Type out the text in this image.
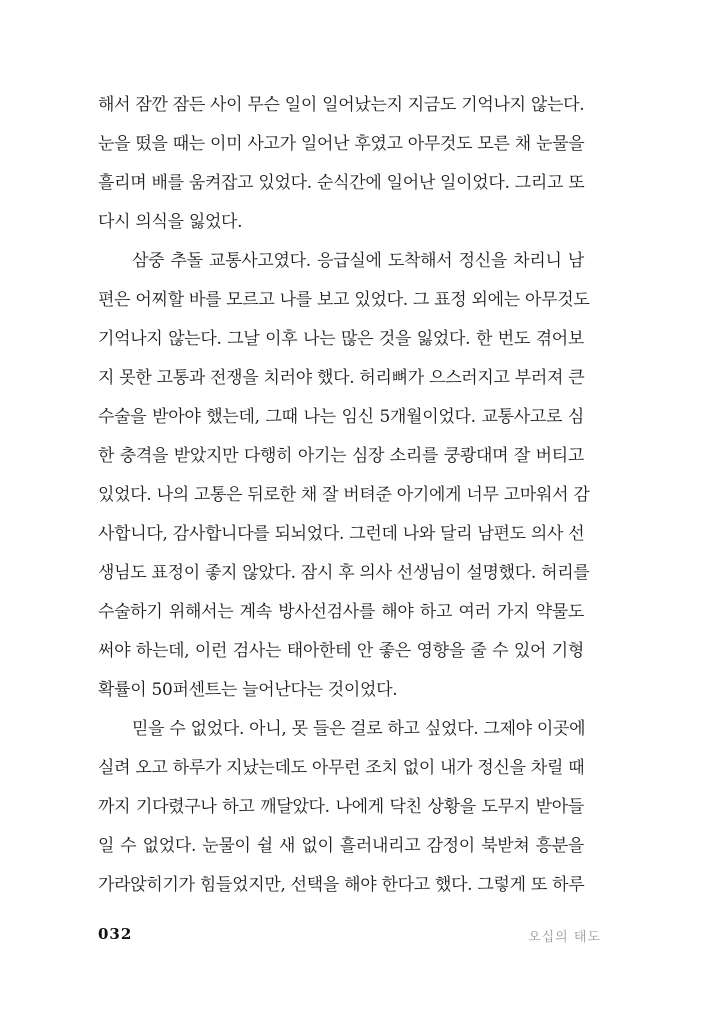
해서 잠깐 잠든 사이 무슨 일이 일어났는지 지금도 기억나지 않는다.
눈을 떴을 때는 이미 사고가 일어난 후였고 아무것도 모른 채 눈물을
흘리며 배를 움켜잡고 있었다. 순식간에 일어난 일이었다. 그리고 또
다시 의식을 잃었다.
삼중 추돌 교통사고였다. 응급실에 도착해서 정신을 차리니 남
편은 어찌할 바를 모르고 나를 보고 있었다. 그 표정 외에는 아무것도
기억나지 않는다. 그날 이후 나는 많은 것을 잃었다. 한 번도 겪어보
지 못한 고통과 전쟁을 치러야 했다. 허리뼈가 으스러지고 부러져 큰
수술을 받아야 했는데, 그때 나는 임신 5개월이었다. 교통사고로 심
한 충격을 받았지만 다행히 아기는 심장 소리를 쿵쾅대며 잘 버티고
있었다. 나의 고통은 뒤로한 채 잘 버텨준 아기에게 너무 고마워서 감
사합니다, 감사합니다를 되뇌었다. 그런데 나와 달리 남편도 의사 선
생님도 표정이 좋지 않았다. 잠시 후 의사 선생님이 설명했다. 허리를
수술하기 위해서는 계속 방사선검사를 해야 하고 여러 가지 약물도
써야 하는데, 이런 검사는 태아한테 안 좋은 영향을 줄 수 있어 기형
확률이 50퍼센트는 늘어난다는 것이었다.
믿을 수 없었다. 아니, 못 들은 걸로 하고 싶었다. 그제야 이곳에
실려 오고 하루가 지났는데도 아무런 조치 없이 내가 정신을 차릴 때
까지 기다렸구나 하고 깨달았다. 나에게 닥친 상황을 도무지 받아들
일 수 없었다. 눈물이 쉴 새 없이 흘러내리고 감정이 북받쳐 흥분을
가라앉히기가 힘들었지만, 선택을 해야 한다고 했다. 그렇게 또 하루
032	오십의 태도
